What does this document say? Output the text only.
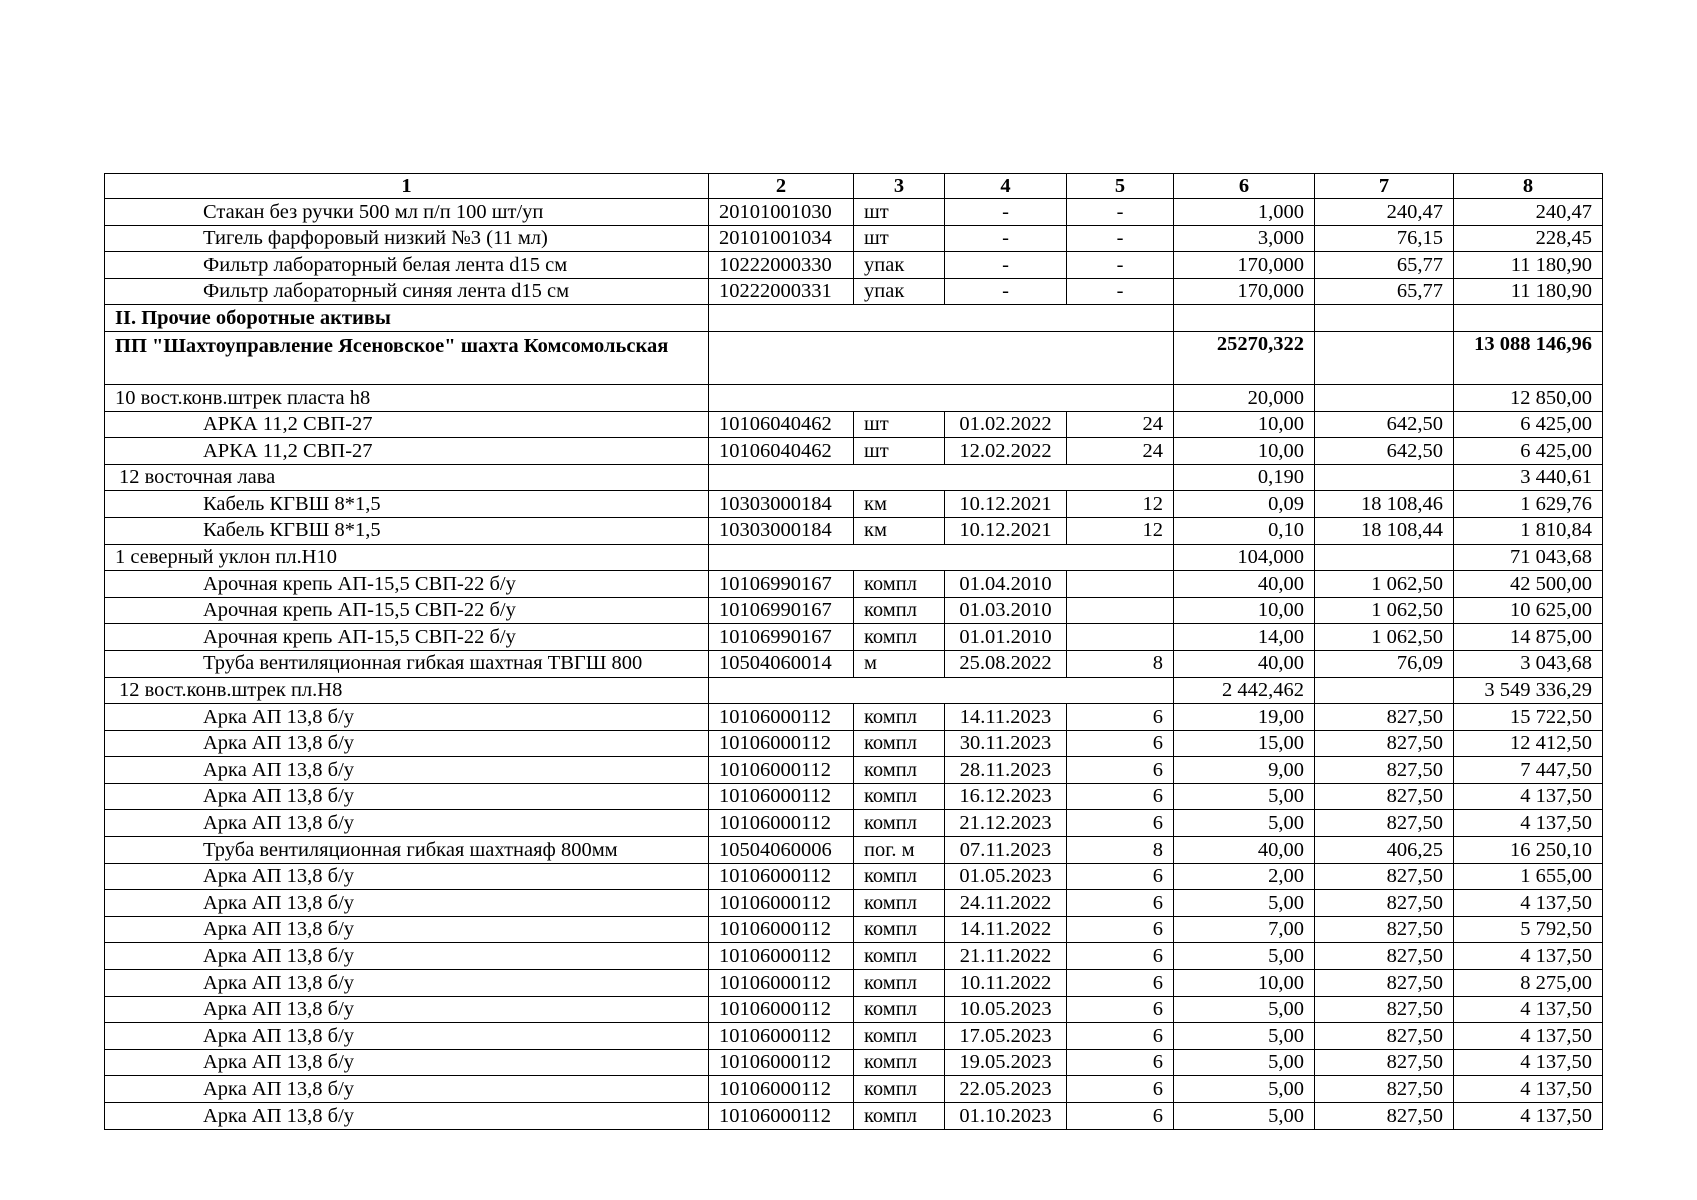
1	2	3	4	5	6	7	8
Стакан без ручки 500 мл п/п 100 шт/уп	20101001030	шт	-	-	1,000	240,47	240,47
Тигель фарфоровый низкий №3 (11 мл)	20101001034	шт	-	-	3,000	76,15	228,45
Фильтр лабораторный белая лента d15 см	10222000330	упак	-	-	170,000	65,77	11 180,90
Фильтр лабораторный синяя лента d15 см	10222000331	упак	-	-	170,000	65,77	11 180,90
II. Прочие оборотные активы							
ПП "Шахтоуправление Ясеновское" шахта Комсомольская					25270,322		13 088 146,96
10 вост.конв.штрек пласта h8					20,000		12 850,00
АРКА 11,2 СВП-27	10106040462	шт	01.02.2022	24	10,00	642,50	6 425,00
АРКА 11,2 СВП-27	10106040462	шт	12.02.2022	24	10,00	642,50	6 425,00
12 восточная лава					0,190		3 440,61
Кабель КГВШ 8*1,5	10303000184	км	10.12.2021	12	0,09	18 108,46	1 629,76
Кабель КГВШ 8*1,5	10303000184	км	10.12.2021	12	0,10	18 108,44	1 810,84
1 северный уклон пл.Н10					104,000		71 043,68
Арочная крепь АП-15,5 СВП-22 б/у	10106990167	компл	01.04.2010		40,00	1 062,50	42 500,00
Арочная крепь АП-15,5 СВП-22 б/у	10106990167	компл	01.03.2010		10,00	1 062,50	10 625,00
Арочная крепь АП-15,5 СВП-22 б/у	10106990167	компл	01.01.2010		14,00	1 062,50	14 875,00
Труба вентиляционная гибкая шахтная ТВГШ 800	10504060014	м	25.08.2022	8	40,00	76,09	3 043,68
12 вост.конв.штрек пл.Н8					2 442,462		3 549 336,29
Арка АП 13,8 б/у	10106000112	компл	14.11.2023	6	19,00	827,50	15 722,50
Арка АП 13,8 б/у	10106000112	компл	30.11.2023	6	15,00	827,50	12 412,50
Арка АП 13,8 б/у	10106000112	компл	28.11.2023	6	9,00	827,50	7 447,50
Арка АП 13,8 б/у	10106000112	компл	16.12.2023	6	5,00	827,50	4 137,50
Арка АП 13,8 б/у	10106000112	компл	21.12.2023	6	5,00	827,50	4 137,50
Труба вентиляционная гибкая шахтнаяф 800мм	10504060006	пог. м	07.11.2023	8	40,00	406,25	16 250,10
Арка АП 13,8 б/у	10106000112	компл	01.05.2023	6	2,00	827,50	1 655,00
Арка АП 13,8 б/у	10106000112	компл	24.11.2022	6	5,00	827,50	4 137,50
Арка АП 13,8 б/у	10106000112	компл	14.11.2022	6	7,00	827,50	5 792,50
Арка АП 13,8 б/у	10106000112	компл	21.11.2022	6	5,00	827,50	4 137,50
Арка АП 13,8 б/у	10106000112	компл	10.11.2022	6	10,00	827,50	8 275,00
Арка АП 13,8 б/у	10106000112	компл	10.05.2023	6	5,00	827,50	4 137,50
Арка АП 13,8 б/у	10106000112	компл	17.05.2023	6	5,00	827,50	4 137,50
Арка АП 13,8 б/у	10106000112	компл	19.05.2023	6	5,00	827,50	4 137,50
Арка АП 13,8 б/у	10106000112	компл	22.05.2023	6	5,00	827,50	4 137,50
Арка АП 13,8 б/у	10106000112	компл	01.10.2023	6	5,00	827,50	4 137,50
